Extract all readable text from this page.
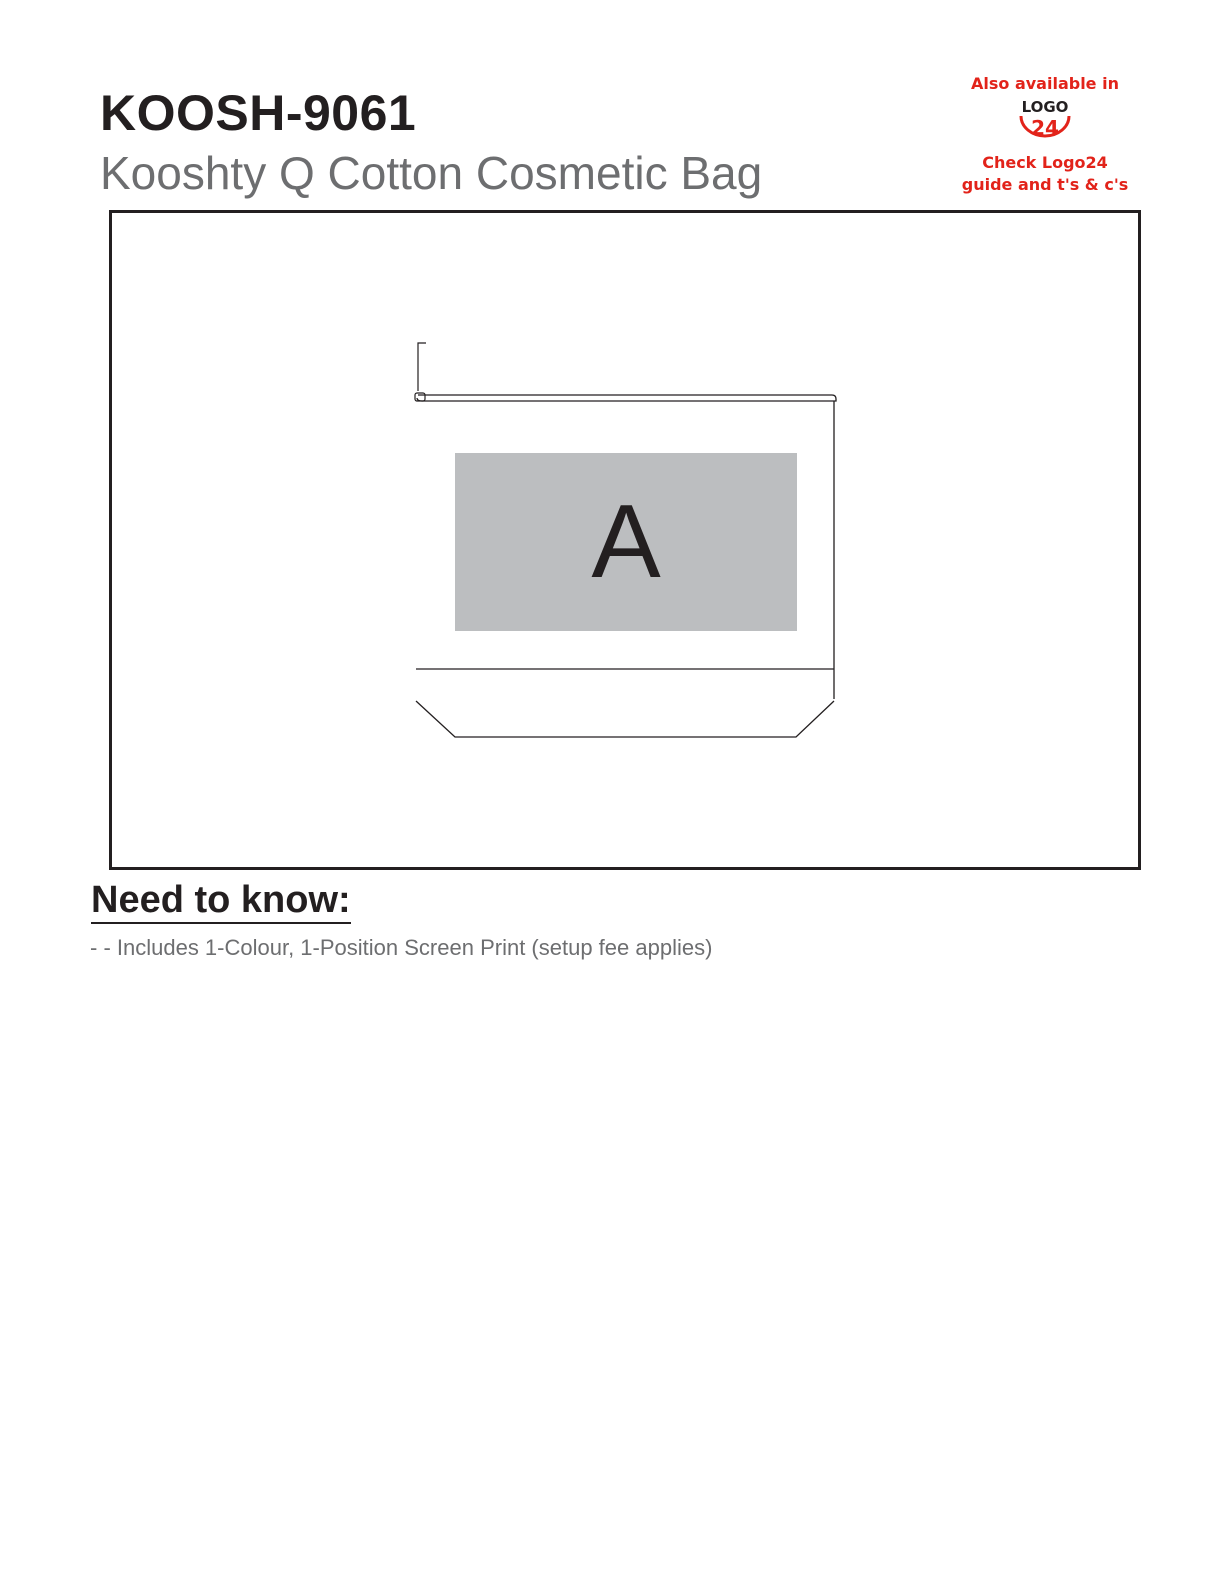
KOOSH-9061
Kooshty Q Cotton Cosmetic Bag
Also available in
LOGO
24
Check Logo24
guide and t's & c's
A
Need to know:
- - Includes 1-Colour, 1-Position Screen Print (setup fee applies)
